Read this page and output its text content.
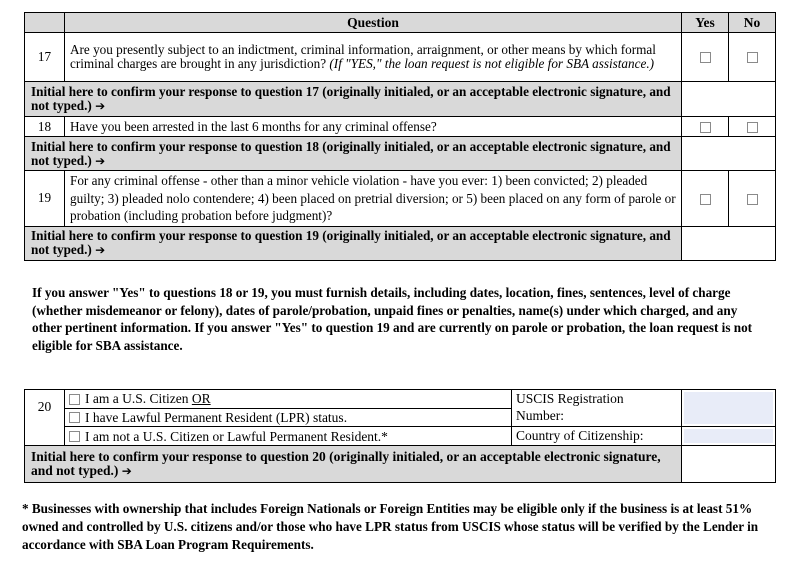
	Question	Yes	No
17	Are you presently subject to an indictment, criminal information, arraignment, or other means by which formal criminal charges are brought in any jurisdiction? (If "YES," the loan request is not eligible for SBA assistance.)		
Initial here to confirm your response to question 17 (originally initialed, or an acceptable electronic signature, and not typed.) ➔			
18	Have you been arrested in the last 6 months for any criminal offense?		
Initial here to confirm your response to question 18 (originally initialed, or an acceptable electronic signature, and not typed.) ➔			
19	For any criminal offense - other than a minor vehicle violation - have you ever: 1) been convicted; 2) pleaded guilty; 3) pleaded nolo contendere; 4) been placed on pretrial diversion; or 5) been placed on any form of parole or probation (including probation before judgment)?		
Initial here to confirm your response to question 19 (originally initialed, or an acceptable electronic signature, and not typed.) ➔			

If you answer "Yes" to questions 18 or 19, you must furnish details, including dates, location, fines, sentences, level of charge (whether misdemeanor or felony), dates of parole/probation, unpaid fines or penalties, name(s) under which charged, and any other pertinent information. If you answer "Yes" to question 19 and are currently on parole or probation, the loan request is not eligible for SBA assistance.

20	I am a U.S. Citizen OR	USCIS Registration
Number:	

	I have Lawful Permanent Resident (LPR) status.		
	I am not a U.S. Citizen or Lawful Permanent Resident.*	Country of Citizenship:	

Initial here to confirm your response to question 20 (originally initialed, or an acceptable electronic signature, and not typed.) ➔			

* Businesses with ownership that includes Foreign Nationals or Foreign Entities may be eligible only if the business is at least 51% owned and controlled by U.S. citizens and/or those who have LPR status from USCIS whose status will be verified by the Lender in accordance with SBA Loan Program Requirements.
